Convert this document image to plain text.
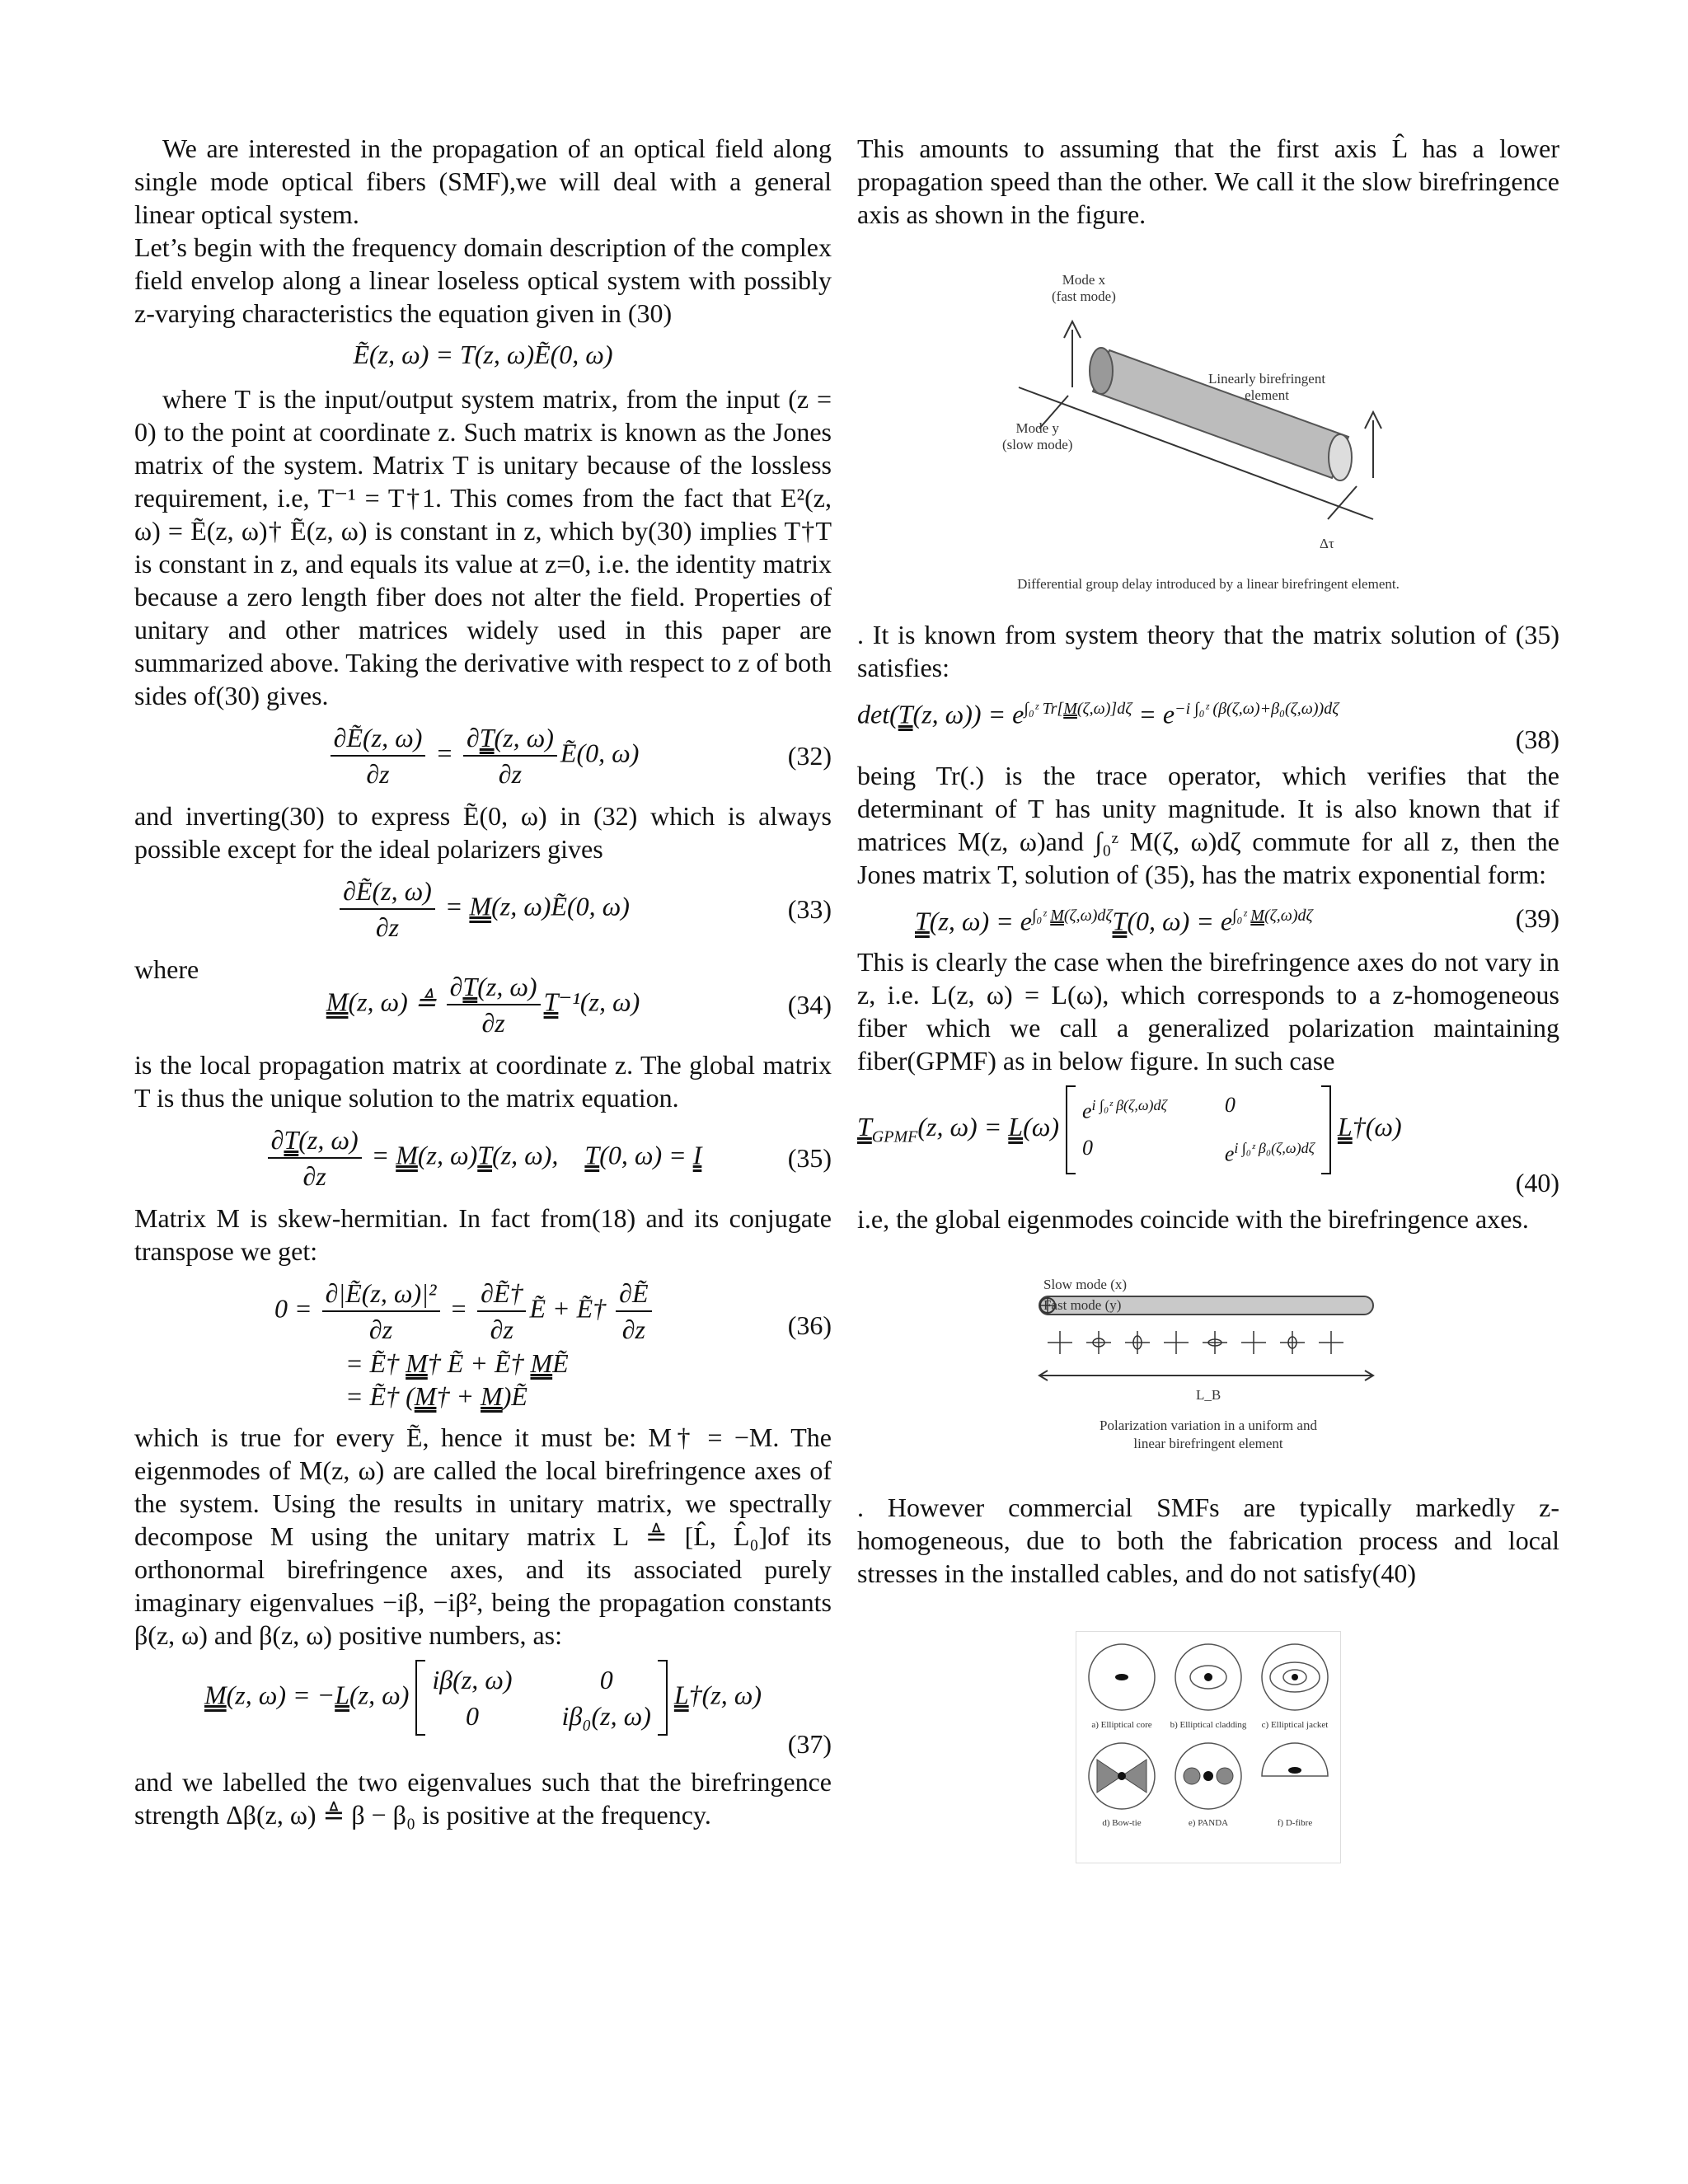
We are interested in the propagation of an optical field along single mode optical fibers (SMF),we will deal with a general linear optical system.

Let’s begin with the frequency domain description of the complex field envelop along a linear loseless optical system with possibly z-varying characteristics the equation given in (30)

Ẽ(z, ω) = T(z, ω)Ẽ(0, ω)

where T is the input/output system matrix, from the input (z = 0) to the point at coordinate z. Such matrix is known as the Jones matrix of the system. Matrix T is unitary because of the lossless requirement, i.e, T⁻¹ = T†1. This comes from the fact that E²(z, ω) = Ẽ(z, ω)† Ẽ(z, ω) is constant in z, which by(30) implies T†T is constant in z, and equals its value at z=0, i.e. the identity matrix because a zero length fiber does not alter the field. Properties of unitary and other matrices widely used in this paper are summarized above. Taking the derivative with respect to z of both sides of(30) gives.

$\frac{\text{∂Ẽ(z, ω)}}{\partial z} = \frac{\partial T(z, \omega)}{\partial z}$ Ẽ(0, ω)	(32)

and inverting(30) to express Ẽ(0, ω) in (32) which is always possible except for the ideal polarizers gives

$\frac{\text{∂Ẽ(z, ω)}}{\partial z} = M(z$, ω)Ẽ(0, ω)	(33)

where

M(z, ω) ≜ $\frac{\partial T(z, \omega)}{\partial z} T^{-1}(z$, ω)	(34)

is the local propagation matrix at coordinate z. The global matrix T is thus the unique solution to the matrix equation.

$\frac{\partial T(z, \omega)}{\partial z} = M(z$, ω)T(z, ω),    T(0, ω) = I	(35)

Matrix M is skew-hermitian. In fact from(18) and its conjugate transpose we get:

$0 = \frac{\text{∂|Ẽ(z, ω)|²}}{\partial z} = \frac{\text{∂Ẽ†}}{\partial z}$ Ẽ + Ẽ† $\frac{\text{∂Ẽ}}{\partial z}$
= Ẽ† M† Ẽ + Ẽ† MẼ
= Ẽ† (M† + M)Ẽ
(36)

which is true for every Ẽ, hence it must be: M† = −M. The eigenmodes of M(z, ω) are called the local birefringence axes of the system. Using the results in unitary matrix, we spectrally decompose M using the unitary matrix L ≜ [L̂, L̂₀]of its orthonormal birefringence axes, and its associated purely imaginary eigenvalues −iβ, −iβ², being the propagation constants β(z, ω) and β(z, ω) positive numbers, as:

M(z, ω) = −L(z, ω)
iβ(z, ω)	0
0	iβ₀(z, ω)
L†(z, ω)
(37)

and we labelled the two eigenvalues such that the birefringence strength Δβ(z, ω) ≜ β − β₀ is positive at the frequency.

This amounts to assuming that the first axis L̂ has a lower propagation speed than the other. We call it the slow birefringence axis as shown in the figure.

Mode x
(fast mode)
Mode y
(slow mode)
Linearly birefringent
element
Δτ
Differential group delay introduced by a linear birefringent element.

. It is known from system theory that the matrix solution of (35) satisfies:

det(T(z, $\omega)) = e^{\int_0ᶻ Tr[M(\zeta,\omega)]d\zeta} = e^{-i \int_0ᶻ (\beta(\zeta,\omega)+\beta_0(\zeta,\omega))d\zeta}$
(38)

being Tr(.) is the trace operator, which verifies that the determinant of T has unity magnitude. It is also known that if matrices M(z, ω)and ∫₀ᶻ M(ζ, ω)dζ commute for all z, then the Jones matrix T, solution of (35), has the matrix exponential form:

T(z, $\omega) = e^{\int_0ᶻ M(\zeta,\omega)d\zeta}T(0$, $\omega) = e^{\int_0ᶻ M(\zeta,\omega)d\zeta}$	(39)

This is clearly the case when the birefringence axes do not vary in z, i.e. L(z, ω) = L(ω), which corresponds to a z-homogeneous fiber which we call a generalized polarization maintaining fiber(GPMF) as in below figure. In such case

$T_{GPMF}(z$, ω) = L(ω)
$e^{i \int_0ᶻ \beta(\zeta,\omega)d\zeta}$	0
0	$e^{i \int_0ᶻ \beta_0(\zeta,\omega)d\zeta}$
L†(ω)
(40)

i.e, the global eigenmodes coincide with the birefringence axes.

Slow mode (x)
Fast mode (y)
L_B
Polarization variation in a uniform and
linear birefringent element

. However commercial SMFs are typically markedly z-homogeneous, due to both the fabrication process and local stresses in the installed cables, and do not satisfy(40)

a) Elliptical core	b) Elliptical cladding	c) Elliptical jacket
d) Bow-tie	e) PANDA	f) D-fibre
